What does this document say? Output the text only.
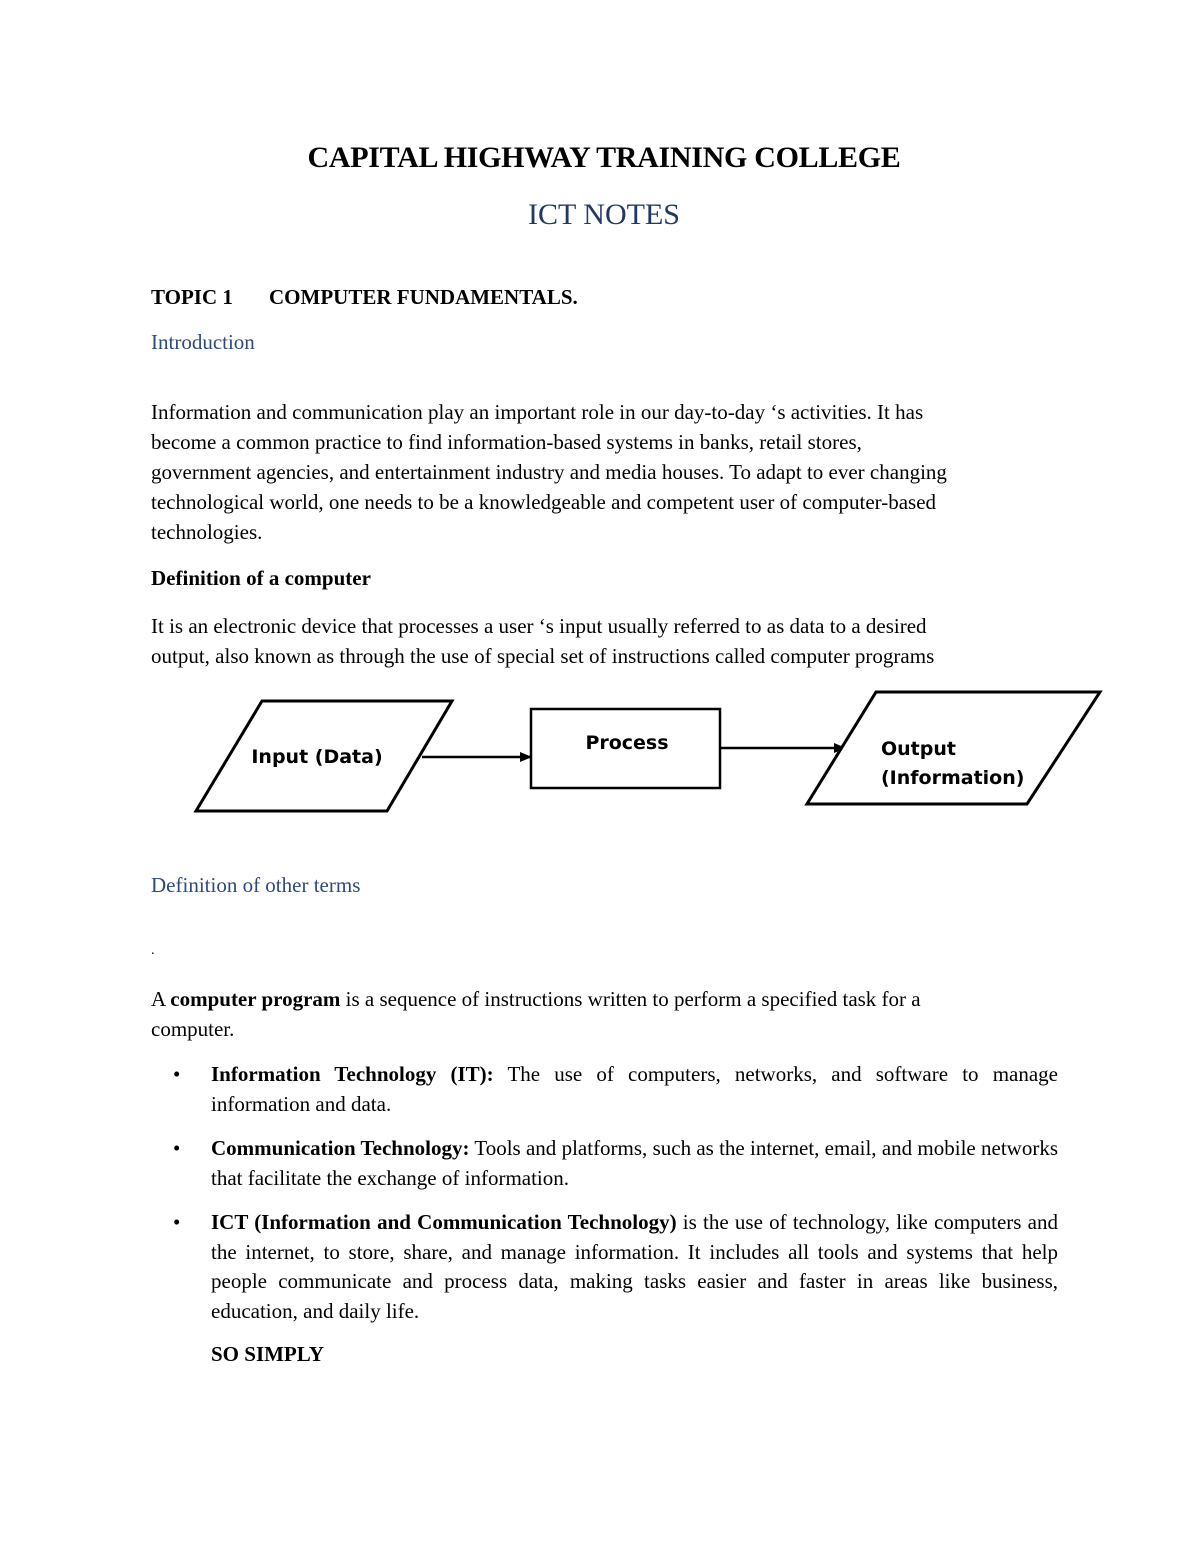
CAPITAL HIGHWAY TRAINING COLLEGE
ICT NOTES
TOPIC 1 COMPUTER FUNDAMENTALS.
Introduction
Information and communication play an important role in our day-to-day ‘s activities. It has
become a common practice to find information-based systems in banks, retail stores,
government agencies, and entertainment industry and media houses. To adapt to ever changing
technological world, one needs to be a knowledgeable and competent user of computer-based
technologies.
Definition of a computer
It is an electronic device that processes a user ‘s input usually referred to as data to a desired
output, also known as through the use of special set of instructions called computer programs
Input (Data)
Process	Output
(Information)
Definition of other terms
.
A computer program is a sequence of instructions written to perform a specified task for a
computer.
• Information Technology (IT): The use of computers, networks, and software to manage information and data.
• Communication Technology: Tools and platforms, such as the internet, email, and mobile networks that facilitate the exchange of information.
• ICT (Information and Communication Technology) is the use of technology, like computers and the internet, to store, share, and manage information. It includes all tools and systems that help people communicate and process data, making tasks easier and faster in areas like business, education, and daily life.
SO SIMPLY
